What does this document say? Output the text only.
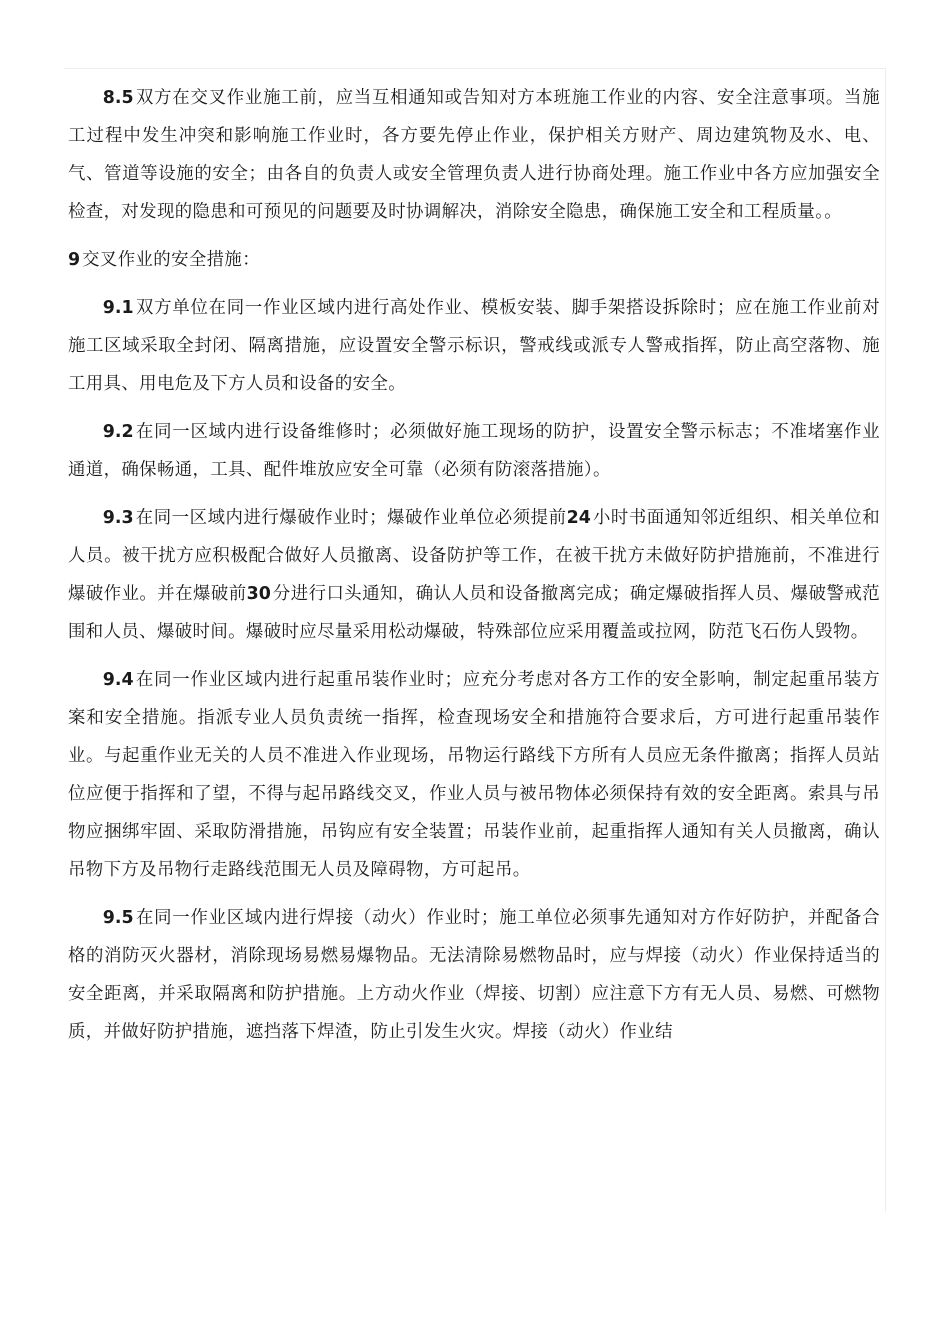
8.5 双方在交叉作业施工前，应当互相通知或告知对方本班施工作业的内容、安全注意事项。当施工过程中发生冲突和影响施工作业时，各方要先停止作业，保护相关方财产、周边建筑物及水、电、气、管道等设施的安全；由各自的负责人或安全管理负责人进行协商处理。施工作业中各方应加强安全检查，对发现的隐患和可预见的问题要及时协调解决，消除安全隐患，确保施工安全和工程质量。。

9 交叉作业的安全措施：

9.1 双方单位在同一作业区域内进行高处作业、模板安装、脚手架搭设拆除时；应在施工作业前对施工区域采取全封闭、隔离措施，应设置安全警示标识，警戒线或派专人警戒指挥，防止高空落物、施工用具、用电危及下方人员和设备的安全。

9.2 在同一区域内进行设备维修时；必须做好施工现场的防护，设置安全警示标志；不准堵塞作业通道，确保畅通，工具、配件堆放应安全可靠（必须有防滚落措施）。

9.3 在同一区域内进行爆破作业时；爆破作业单位必须提前24 小时书面通知邻近组织、相关单位和人员。被干扰方应积极配合做好人员撤离、设备防护等工作，在被干扰方未做好防护措施前，不准进行爆破作业。并在爆破前30 分进行口头通知，确认人员和设备撤离完成；确定爆破指挥人员、爆破警戒范围和人员、爆破时间。爆破时应尽量采用松动爆破，特殊部位应采用覆盖或拉网，防范飞石伤人毁物。

9.4 在同一作业区域内进行起重吊装作业时；应充分考虑对各方工作的安全影响，制定起重吊装方案和安全措施。指派专业人员负责统一指挥，检查现场安全和措施符合要求后，方可进行起重吊装作业。与起重作业无关的人员不准进入作业现场，吊物运行路线下方所有人员应无条件撤离；指挥人员站位应便于指挥和了望，不得与起吊路线交叉，作业人员与被吊物体必须保持有效的安全距离。索具与吊物应捆绑牢固、采取防滑措施，吊钩应有安全装置；吊装作业前，起重指挥人通知有关人员撤离，确认吊物下方及吊物行走路线范围无人员及障碍物，方可起吊。

9.5 在同一作业区域内进行焊接（动火）作业时；施工单位必须事先通知对方作好防护，并配备合格的消防灭火器材，消除现场易燃易爆物品。无法清除易燃物品时，应与焊接（动火）作业保持适当的安全距离，并采取隔离和防护措施。上方动火作业（焊接、切割）应注意下方有无人员、易燃、可燃物质，并做好防护措施，遮挡落下焊渣，防止引发生火灾。焊接（动火）作业结
